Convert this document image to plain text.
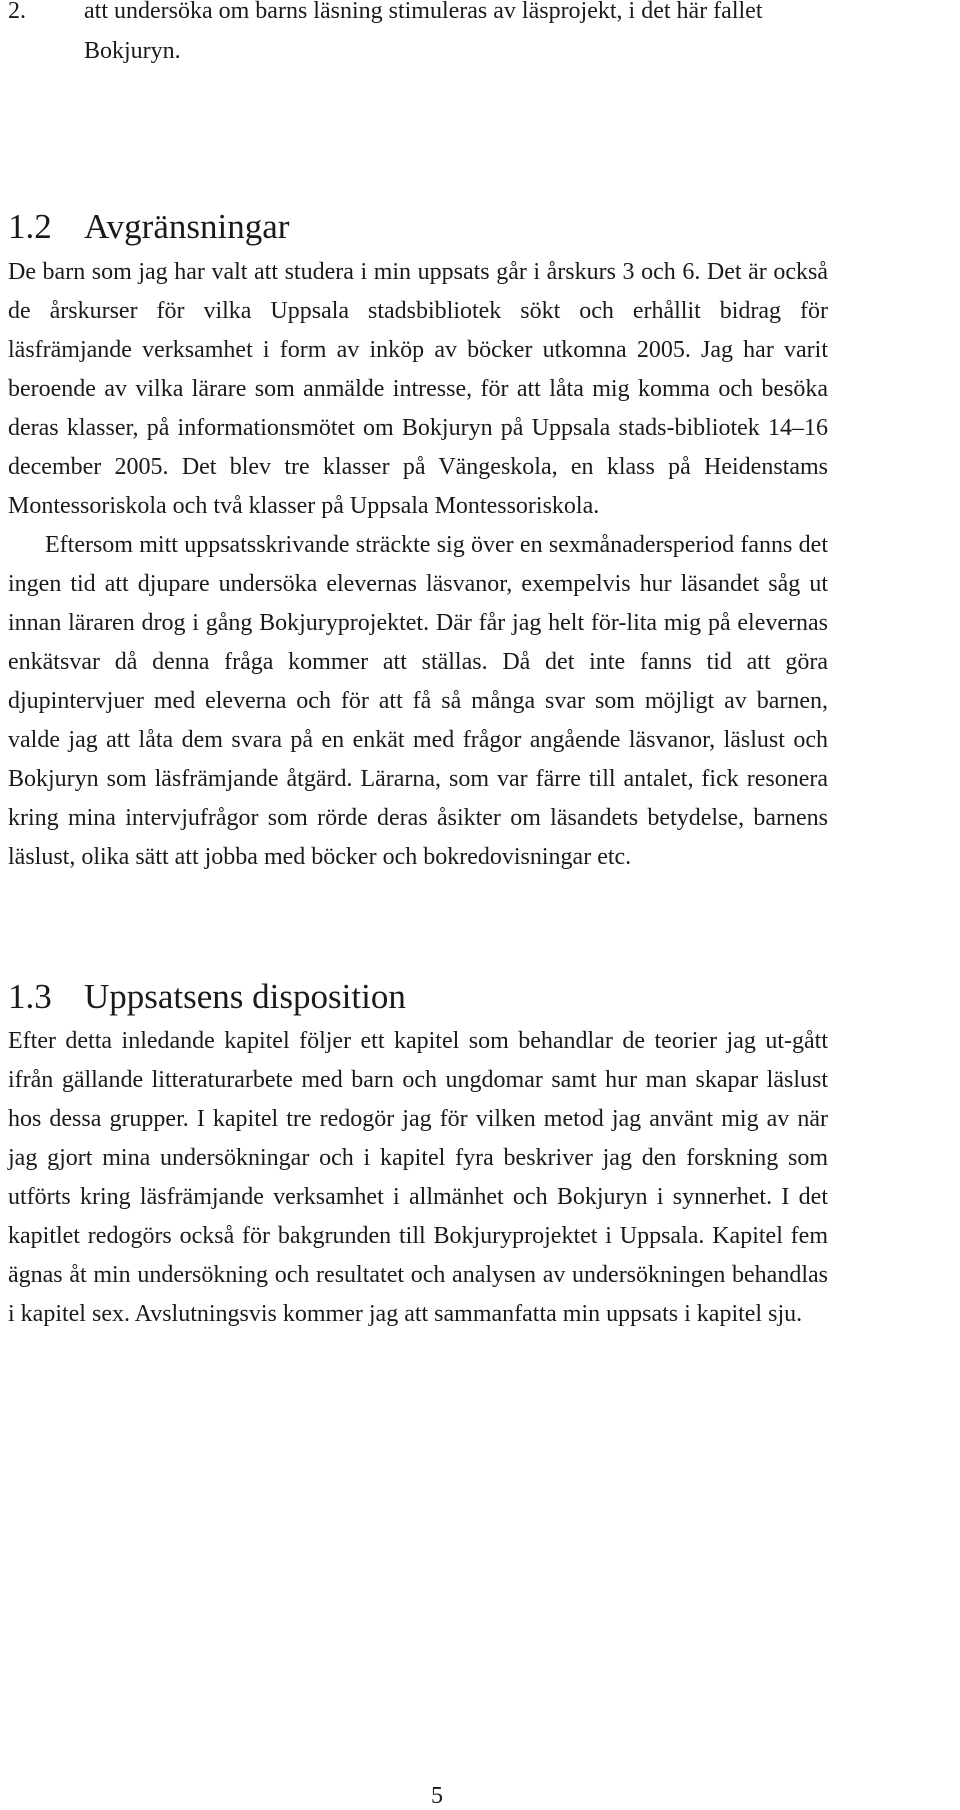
2. att undersöka om barns läsning stimuleras av läsprojekt, i det här fallet Bokjuryn.
1.2 Avgränsningar

De barn som jag har valt att studera i min uppsats går i årskurs 3 och 6. Det är också de årskurser för vilka Uppsala stadsbibliotek sökt och erhållit bidrag för läsfrämjande verksamhet i form av inköp av böcker utkomna 2005. Jag har varit beroende av vilka lärare som anmälde intresse, för att låta mig komma och besöka deras klasser, på informationsmötet om Bokjuryn på Uppsala stads-bibliotek 14–16 december 2005. Det blev tre klasser på Vängeskola, en klass på Heidenstams Montessoriskola och två klasser på Uppsala Montessoriskola.

Eftersom mitt uppsatsskrivande sträckte sig över en sexmånadersperiod fanns det ingen tid att djupare undersöka elevernas läsvanor, exempelvis hur läsandet såg ut innan läraren drog i gång Bokjuryprojektet. Där får jag helt för-lita mig på elevernas enkätsvar då denna fråga kommer att ställas. Då det inte fanns tid att göra djupintervjuer med eleverna och för att få så många svar som möjligt av barnen, valde jag att låta dem svara på en enkät med frågor angående läsvanor, läslust och Bokjuryn som läsfrämjande åtgärd. Lärarna, som var färre till antalet, fick resonera kring mina intervjufrågor som rörde deras åsikter om läsandets betydelse, barnens läslust, olika sätt att jobba med böcker och bokredovisningar etc.

1.3 Uppsatsens disposition

Efter detta inledande kapitel följer ett kapitel som behandlar de teorier jag ut-gått ifrån gällande litteraturarbete med barn och ungdomar samt hur man skapar läslust hos dessa grupper. I kapitel tre redogör jag för vilken metod jag använt mig av när jag gjort mina undersökningar och i kapitel fyra beskriver jag den forskning som utförts kring läsfrämjande verksamhet i allmänhet och Bokjuryn i synnerhet. I det kapitlet redogörs också för bakgrunden till Bokjuryprojektet i Uppsala. Kapitel fem ägnas åt min undersökning och resultatet och analysen av undersökningen behandlas i kapitel sex. Avslutningsvis kommer jag att sammanfatta min uppsats i kapitel sju.

5
